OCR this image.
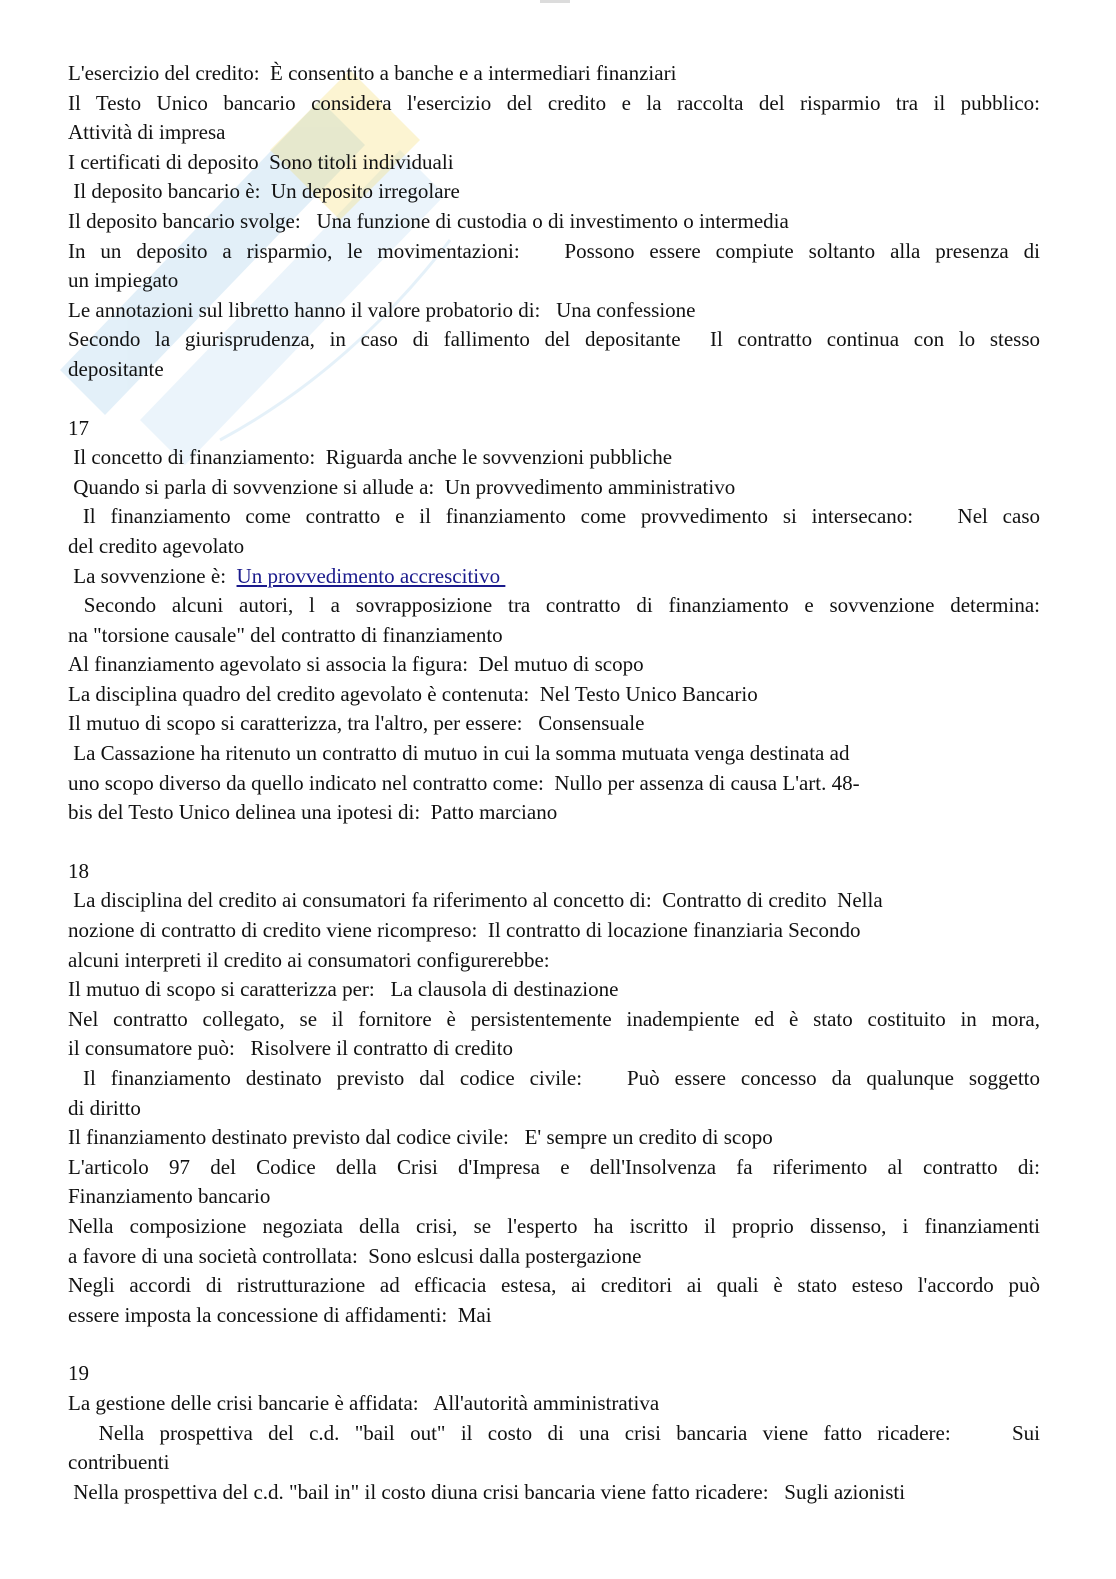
L'esercizio del credito:  È consentito a banche e a intermediari finanziari

Il Testo Unico bancario considera l'esercizio del credito e la raccolta del risparmio tra il pubblico:

Attività di impresa

I certificati di deposito  Sono titoli individuali

Il deposito bancario è:  Un deposito irregolare

Il deposito bancario svolge:   Una funzione di custodia o di investimento o intermedia

In un deposito a risparmio, le movimentazioni:   Possono essere compiute soltanto alla presenza di

un impiegato

Le annotazioni sul libretto hanno il valore probatorio di:   Una confessione

Secondo la giurisprudenza, in caso di fallimento del depositante  Il contratto continua con lo stesso

depositante

17

Il concetto di finanziamento:  Riguarda anche le sovvenzioni pubbliche

Quando si parla di sovvenzione si allude a:  Un provvedimento amministrativo

Il finanziamento come contratto e il finanziamento come provvedimento si intersecano:   Nel caso

del credito agevolato

La sovvenzione è:  Un provvedimento accrescitivo

Secondo alcuni autori, l a sovrapposizione tra contratto di finanziamento e sovvenzione determina:

na "torsione causale" del contratto di finanziamento

Al finanziamento agevolato si associa la figura:  Del mutuo di scopo

La disciplina quadro del credito agevolato è contenuta:  Nel Testo Unico Bancario

Il mutuo di scopo si caratterizza, tra l'altro, per essere:   Consensuale

La Cassazione ha ritenuto un contratto di mutuo in cui la somma mutuata venga destinata ad

uno scopo diverso da quello indicato nel contratto come:  Nullo per assenza di causa L'art. 48-

bis del Testo Unico delinea una ipotesi di:  Patto marciano

18

La disciplina del credito ai consumatori fa riferimento al concetto di:  Contratto di credito  Nella

nozione di contratto di credito viene ricompreso:  Il contratto di locazione finanziaria Secondo

alcuni interpreti il credito ai consumatori configurerebbe:

Il mutuo di scopo si caratterizza per:   La clausola di destinazione

Nel contratto collegato, se il fornitore è persistentemente inadempiente ed è stato costituito in mora,

il consumatore può:   Risolvere il contratto di credito

Il finanziamento destinato previsto dal codice civile:   Può essere concesso da qualunque soggetto

di diritto

Il finanziamento destinato previsto dal codice civile:   E' sempre un credito di scopo

L'articolo 97 del Codice della Crisi d'Impresa e dell'Insolvenza fa riferimento al contratto di:

Finanziamento bancario

Nella composizione negoziata della crisi, se l'esperto ha iscritto il proprio dissenso, i finanziamenti

a favore di una società controllata:  Sono eslcusi dalla postergazione

Negli accordi di ristrutturazione ad efficacia estesa, ai creditori ai quali è stato esteso l'accordo può

essere imposta la concessione di affidamenti:  Mai

19

La gestione delle crisi bancarie è affidata:   All'autorità amministrativa

Nella prospettiva del c.d. "bail out" il costo di una crisi bancaria viene fatto ricadere:    Sui

contribuenti

Nella prospettiva del c.d. "bail in" il costo diuna crisi bancaria viene fatto ricadere:   Sugli azionisti
